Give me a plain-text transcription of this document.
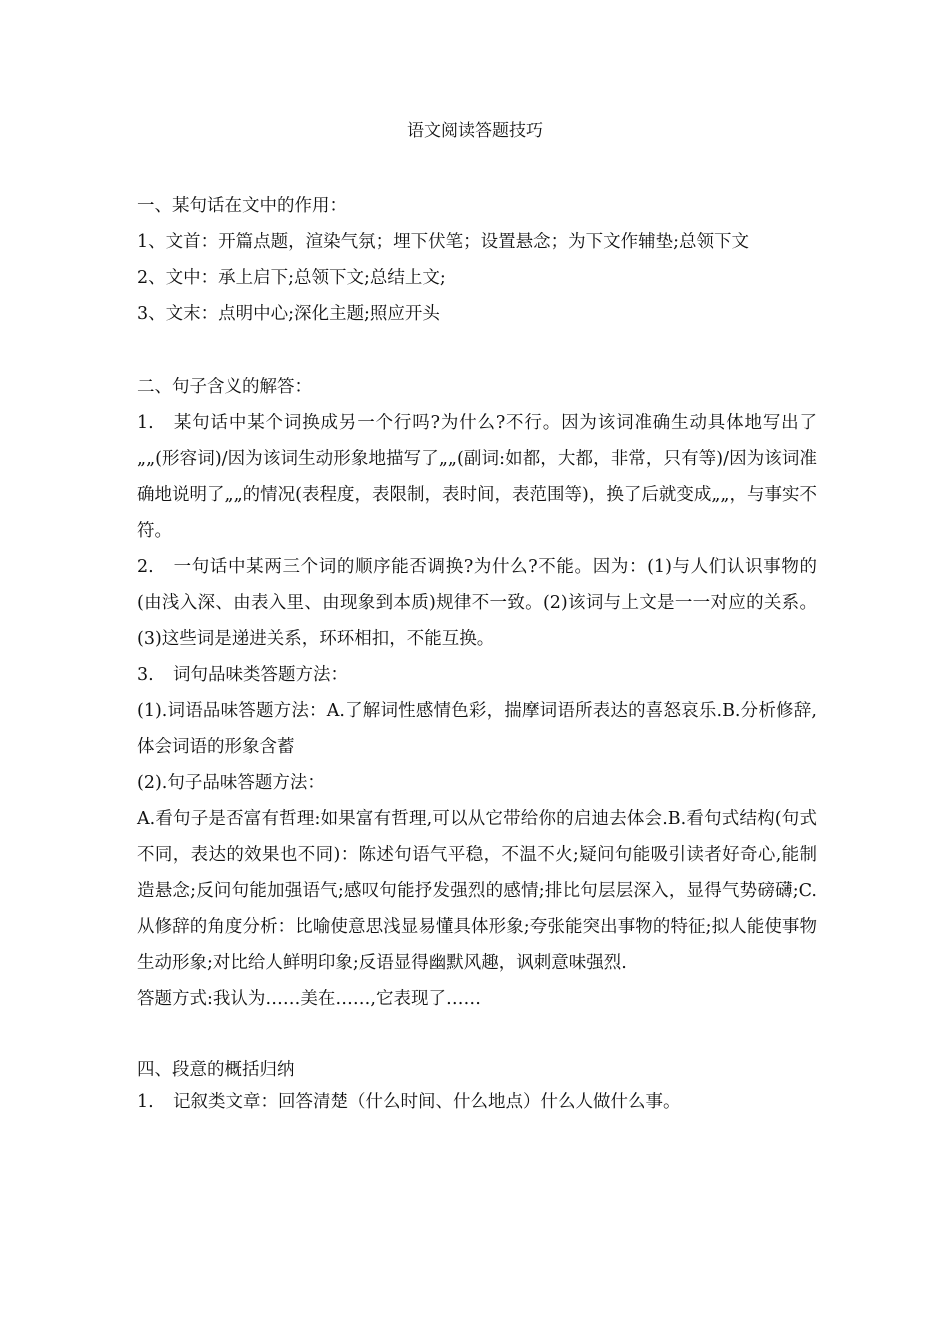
语文阅读答题技巧

一、某句话在文中的作用：

1、文首：开篇点题，渲染气氛；埋下伏笔；设置悬念；为下文作辅垫;总领下文

2、文中：承上启下;总领下文;总结上文;

3、文末：点明中心;深化主题;照应开头

二、句子含义的解答：

1. 某句话中某个词换成另一个行吗?为什么?不行。因为该词准确生动具体地写出了„„(形容词)/因为该词生动形象地描写了„„(副词:如都，大都，非常，只有等)/因为该词准确地说明了„„的情况(表程度，表限制，表时间，表范围等)，换了后就变成„„，与事实不符。

2. 一句话中某两三个词的顺序能否调换?为什么?不能。因为：(1)与人们认识事物的(由浅入深、由表入里、由现象到本质)规律不一致。(2)该词与上文是一一对应的关系。(3)这些词是递进关系，环环相扣，不能互换。

3. 词句品味类答题方法：

(1).词语品味答题方法：A.了解词性感情色彩，揣摩词语所表达的喜怒哀乐.B.分析修辞,体会词语的形象含蓄

(2).句子品味答题方法：

A.看句子是否富有哲理:如果富有哲理,可以从它带给你的启迪去体会.B.看句式结构(句式不同，表达的效果也不同)：陈述句语气平稳，不温不火;疑问句能吸引读者好奇心,能制造悬念;反问句能加强语气;感叹句能抒发强烈的感情;排比句层层深入，显得气势磅礴;C.从修辞的角度分析：比喻使意思浅显易懂具体形象;夸张能突出事物的特征;拟人能使事物生动形象;对比给人鲜明印象;反语显得幽默风趣，讽刺意味强烈.

答题方式:我认为……美在……,它表现了……

四、段意的概括归纳

1. 记叙类文章：回答清楚（什么时间、什么地点）什么人做什么事。
